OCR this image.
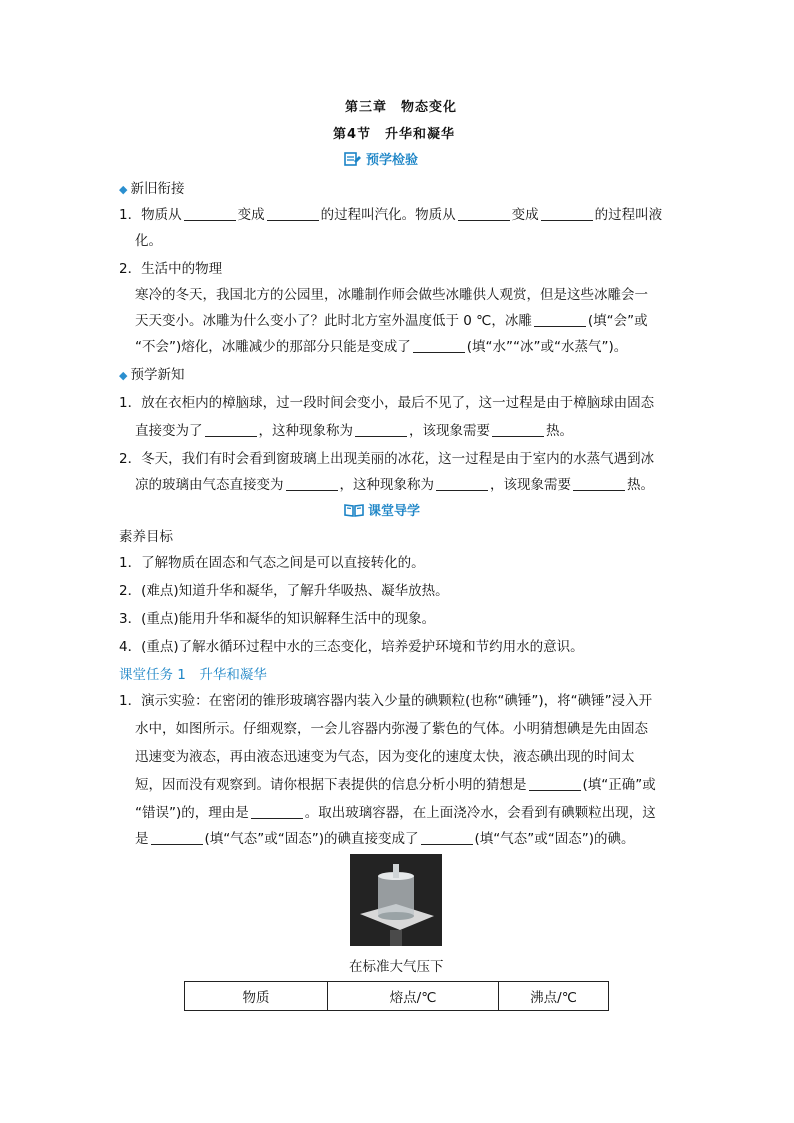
第三章　物态变化
第4节　升华和凝华
预学检验
◆ 新旧衔接
1．物质从	变成	的过程叫汽化。物质从	变成	的过程叫液
化。
2．生活中的物理
寒冷的冬天，我国北方的公园里，冰雕制作师会做些冰雕供人观赏，但是这些冰雕会一
天天变小。冰雕为什么变小了？此时北方室外温度低于 0 ℃，冰雕	(填“会”或
“不会”)熔化，冰雕减少的那部分只能是变成了	(填“水”“冰”或“水蒸气”)。
◆ 预学新知
1．放在衣柜内的樟脑球，过一段时间会变小，最后不见了，这一过程是由于樟脑球由固态
直接变为了	，这种现象称为	，该现象需要	热。
2．冬天，我们有时会看到窗玻璃上出现美丽的冰花，这一过程是由于室内的水蒸气遇到冰
凉的玻璃由气态直接变为	，这种现象称为	，该现象需要	热。
课堂导学
素养目标
1．了解物质在固态和气态之间是可以直接转化的。
2．(难点)知道升华和凝华，了解升华吸热、凝华放热。
3．(重点)能用升华和凝华的知识解释生活中的现象。
4．(重点)了解水循环过程中水的三态变化，培养爱护环境和节约用水的意识。
课堂任务 1　升华和凝华
1．演示实验：在密闭的锥形玻璃容器内装入少量的碘颗粒(也称“碘锤”)，将“碘锤”浸入开
水中，如图所示。仔细观察，一会儿容器内弥漫了紫色的气体。小明猜想碘是先由固态
迅速变为液态，再由液态迅速变为气态，因为变化的速度太快，液态碘出现的时间太
短，因而没有观察到。请你根据下表提供的信息分析小明的猜想是	(填“正确”或
“错误”)的，理由是	。取出玻璃容器，在上面浇冷水，会看到有碘颗粒出现，这
是	(填“气态”或“固态”)的碘直接变成了	(填“气态”或“固态”)的碘。
在标准大气压下
物质	熔点/℃	沸点/℃
